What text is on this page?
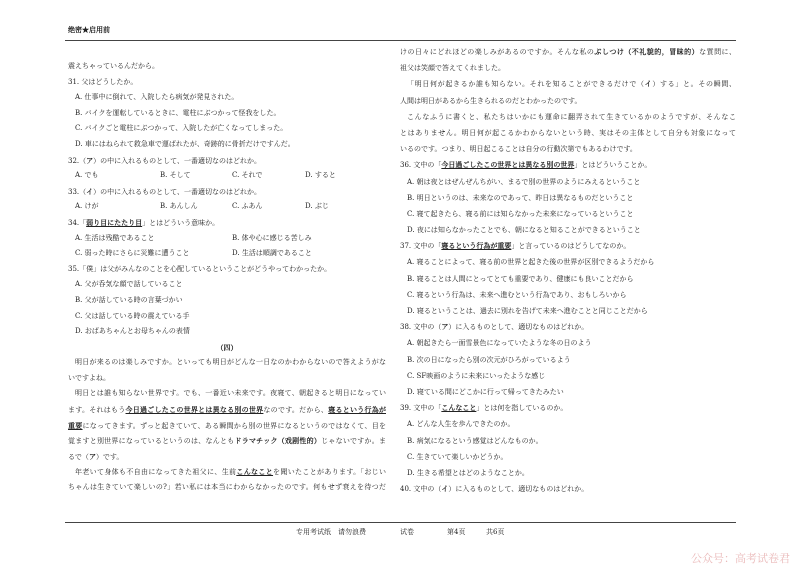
绝密★启用前
震えちゃっているんだから。
31. 父はどうしたか。
A. 仕事中に倒れて、入院したら病気が発見された。
B. バイクを運転しているときに、電柱にぶつかって怪我をした。
C. バイクごと電柱にぶつかって、入院したが亡くなってしまった。
D. 車にはねられて救急車で運ばれたが、奇跡的に骨折だけですんだ。
32.（ア）の中に入れるものとして、一番適切なのはどれか。
A. でも	B. そして	C. それで	D. すると
33.（イ）の中に入れるものとして、一番適切なのはどれか。
A. けが	B. あんしん	C. ふあん	D. ぶじ
34.「弱り目にたたり目」とはどういう意味か。
A. 生活は残酷であること	B. 体や心に感じる苦しみ
C. 弱った時にさらに災難に遭うこと	D. 生活は順調であること
35.「僕」は父がみんなのことを心配しているということがどうやってわかったか。
A. 父が呑気な顔で話していること
B. 父が話している時の言葉づかい
C. 父は話している時の震えている手
D. おばあちゃんとお母ちゃんの表情
（四）
明日が来るのは楽しみですか。といっても明日がどんな一日なのかわからないので答えようがな
いですよね。
明日とは誰も知らない世界です。でも、一番近い未来です。夜寝て、朝起きると明日になってい
ます。それはもう今日過ごしたこの世界とは異なる別の世界なのです。だから、寝るという行為が
重要になってきます。ずっと起きていて、ある瞬間から別の世界になるというのではなくて、目を
覚ますと別世界になっているというのは、なんともドラマチック（戏剧性的）じゃないですか。ま
るで（ア）です。
年老いて身体も不自由になってきた祖父に、生前こんなことを聞いたことがあります。「おじい
ちゃんは生きていて楽しいの?」若い私には本当にわからなかったのです。何もせず衰えを待つだ
けの日々にどれほどの楽しみがあるのですか。そんな私のぶしつけ（不礼貌的，冒昧的）な質問に、
祖父は笑顔で答えてくれました。
「明日何が起きるか誰も知らない。それを知ることができるだけで（イ）する」と。その瞬間、
人間は明日があるから生きられるのだとわかったのです。
こんなふうに書くと、私たちはいかにも運命に翻弄されて生きているかのようですが、そんなこ
とはありません。明日何が起こるかわからないという時、実はその主体として自分も対象になって
いるのです。つまり、明日起こることは自分の行動次第でもあるわけです。
36. 文中の「今日過ごしたこの世界とは異なる別の世界」とはどういうことか。
A. 朝は夜とはぜんぜんちがい、まるで別の世界のようにみえるということ
B. 明日というのは、未来なのであって、昨日は異なるものだということ
C. 寝て起きたら、寝る前には知らなかった未来になっているということ
D. 夜には知らなかったことでも、朝になると知ることができるということ
37. 文中の「寝るという行為が重要」と言っているのはどうしてなのか。
A. 寝ることによって、寝る前の世界と起きた後の世界が区別できるようだから
B. 寝ることは人間にとってとても重要であり、健康にも良いことだから
C. 寝るという行為は、未来へ進むという行為であり、おもしろいから
D. 寝るということは、過去に別れを告げて未来へ進むことと同じことだから
38. 文中の（ア）に入るものとして、適切なものはどれか。
A. 朝起きたら一面雪景色になっていたような冬の日のよう
B. 次の日になったら別の次元がひろがっているよう
C. SF映画のように未来にいったような感じ
D. 寝ている間にどこかに行って帰ってきたみたい
39. 文中の「こんなこと」とは何を指しているのか。
A. どんな人生を歩んできたのか。
B. 病気になるという感覚はどんなものか。
C. 生きていて楽しいかどうか。
D. 生きる希望とはどのようなことか。
40. 文中の（イ）に入るものとして、適切なものはどれか。
专用考试纸　请勿浪费	试卷	第4页	共6页
公众号：高考试卷君
